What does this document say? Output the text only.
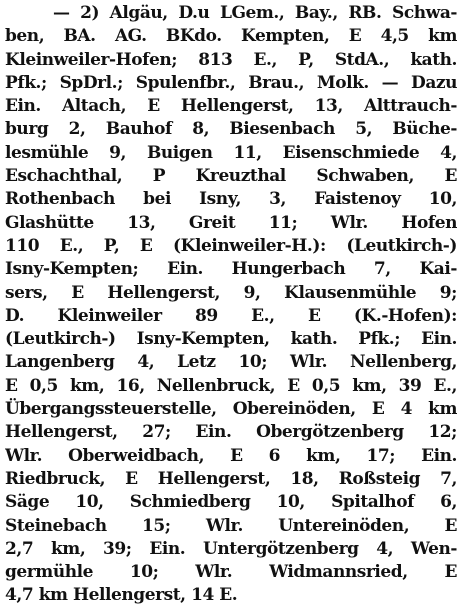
— 2) Algäu, D.u LGem., Bay., RB. Schwa-
ben, BA. AG. BKdo. Kempten, E 4,5 km
Kleinweiler-Hofen; 813 E., P, StdA., kath.
Pfk.; SpDrl.; Spulenfbr., Brau., Molk. — Dazu
Ein. Altach, E Hellengerst, 13, Alttrauch-
burg 2, Bauhof 8, Biesenbach 5, Büche-
lesmühle 9, Buigen 11, Eisenschmiede 4,
Eschachthal, P Kreuzthal Schwaben, E
Rothenbach bei Isny, 3, Faistenoy 10,
Glashütte 13, Greit 11; Wlr. Hofen
110 E., P, E (Kleinweiler-H.): (Leutkirch-)
Isny-Kempten; Ein. Hungerbach 7, Kai-
sers, E Hellengerst, 9, Klausenmühle 9;
D. Kleinweiler 89 E., E (K.-Hofen):
(Leutkirch-) Isny-Kempten, kath. Pfk.; Ein.
Langenberg 4, Letz 10; Wlr. Nellenberg,
E 0,5 km, 16, Nellenbruck, E 0,5 km, 39 E.,
Übergangssteuerstelle, Obereinöden, E 4 km
Hellengerst, 27; Ein. Obergötzenberg 12;
Wlr. Oberweidbach, E 6 km, 17; Ein.
Riedbruck, E Hellengerst, 18, Roßsteig 7,
Säge 10, Schmiedberg 10, Spitalhof 6,
Steinebach 15; Wlr. Untereinöden, E
2,7 km, 39; Ein. Untergötzenberg 4, Wen-
germühle 10; Wlr. Widmannsried, E
4,7 km Hellengerst, 14 E.
